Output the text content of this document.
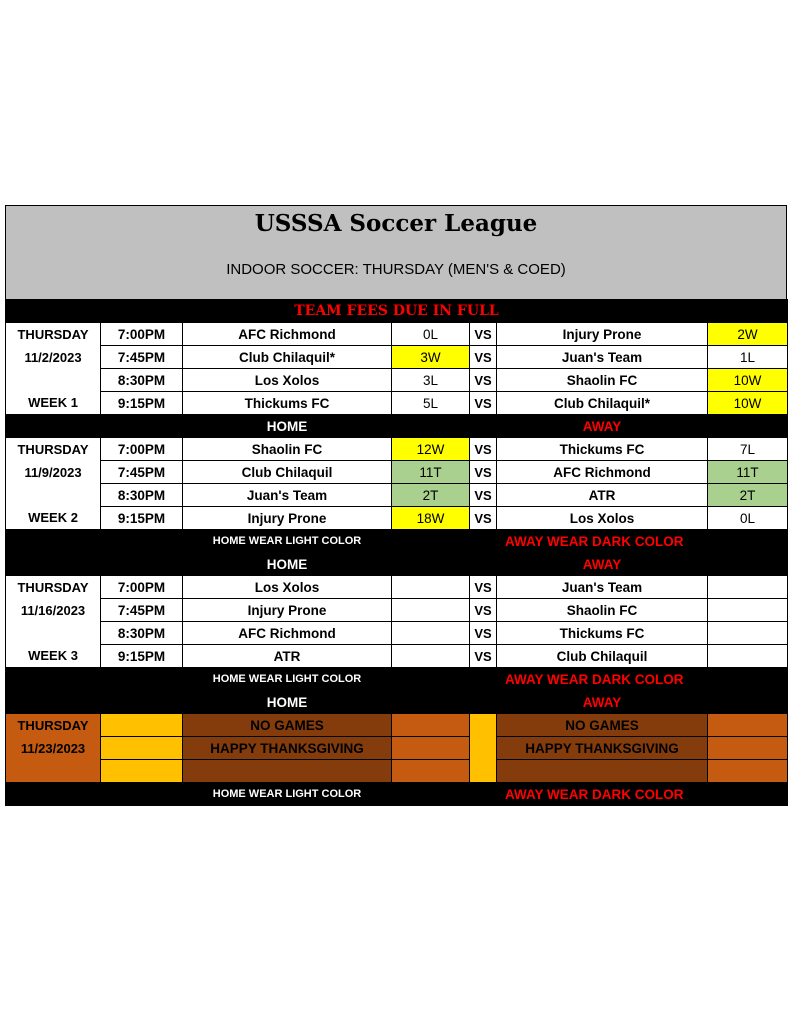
USSSA Soccer League
INDOOR SOCCER: THURSDAY (MEN'S & COED)
TEAM FEES DUE IN FULL						
THURSDAY	7:00PM	AFC Richmond	0L	VS	Injury Prone	2W
11/2/2023	7:45PM	Club Chilaquil*	3W	VS	Juan's Team	1L
	8:30PM	Los Xolos	3L	VS	Shaolin FC	10W
WEEK 1	9:15PM	Thickums FC	5L	VS	Club Chilaquil*	10W
		HOME			AWAY	
THURSDAY	7:00PM	Shaolin FC	12W	VS	Thickums FC	7L
11/9/2023	7:45PM	Club Chilaquil	11T	VS	AFC Richmond	11T
	8:30PM	Juan's Team	2T	VS	ATR	2T
WEEK 2	9:15PM	Injury Prone	18W	VS	Los Xolos	0L
		HOME WEAR LIGHT COLOR			AWAY WEAR DARK COLOR	
		HOME			AWAY	
THURSDAY	7:00PM	Los Xolos		VS	Juan's Team	
11/16/2023	7:45PM	Injury Prone		VS	Shaolin FC	
	8:30PM	AFC Richmond		VS	Thickums FC	
WEEK 3	9:15PM	ATR		VS	Club Chilaquil	
		HOME WEAR LIGHT COLOR			AWAY WEAR DARK COLOR	
		HOME			AWAY	
THURSDAY		NO GAMES			NO GAMES	
11/23/2023		HAPPY THANKSGIVING			HAPPY THANKSGIVING	

		HOME WEAR LIGHT COLOR			AWAY WEAR DARK COLOR	
